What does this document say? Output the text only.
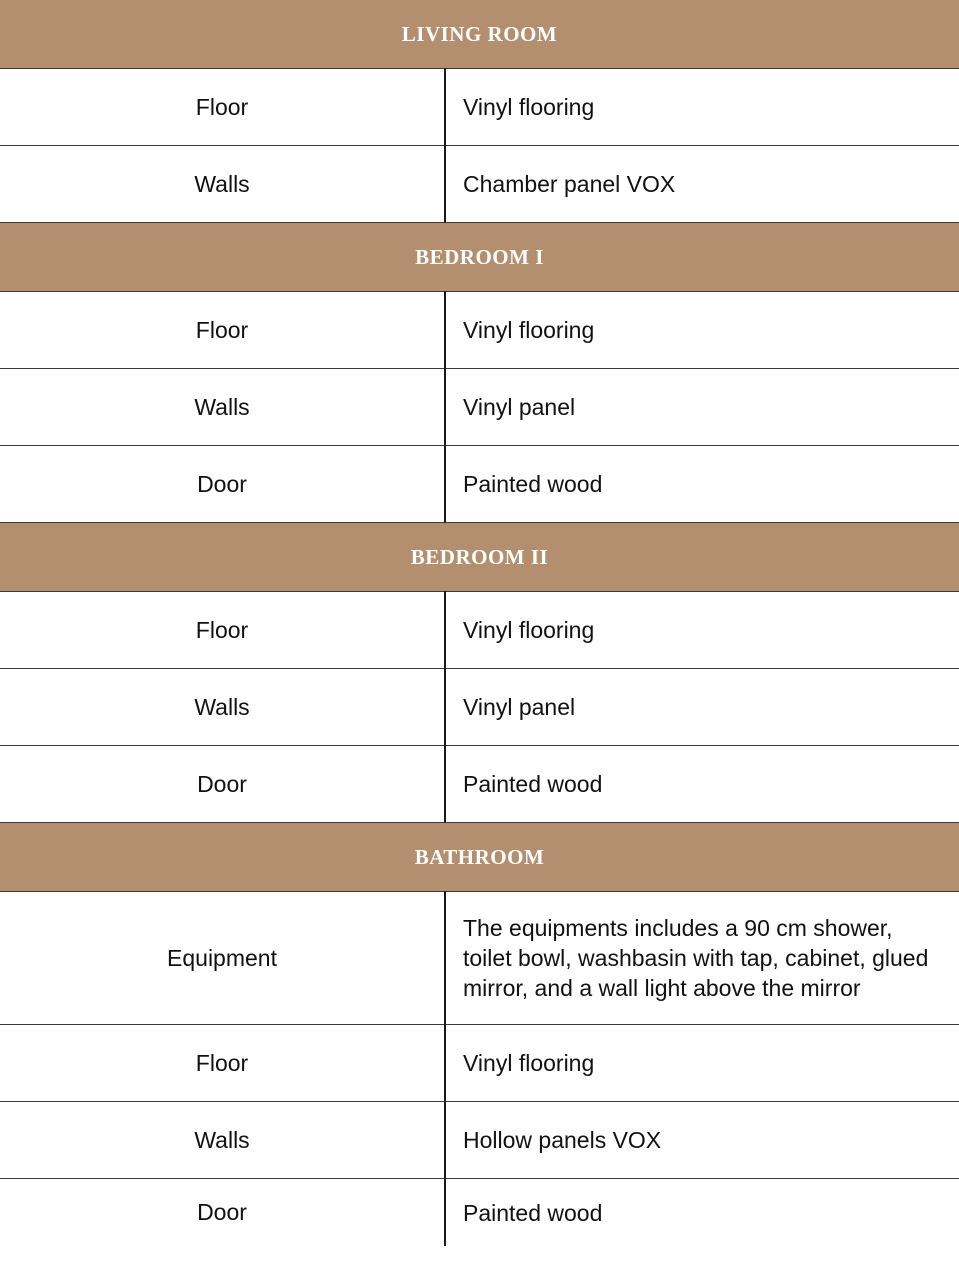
LIVING ROOM	
Floor	Vinyl flooring
Walls	Chamber panel VOX
BEDROOM I	
Floor	Vinyl flooring
Walls	Vinyl panel
Door	Painted wood
BEDROOM II	
Floor	Vinyl flooring
Walls	Vinyl panel
Door	Painted wood
BATHROOM	
Equipment	The equipments includes a 90 cm shower, toilet bowl, washbasin with tap, cabinet, glued mirror, and a wall light above the mirror
Floor	Vinyl flooring
Walls	Hollow panels VOX
Door	Painted wood
